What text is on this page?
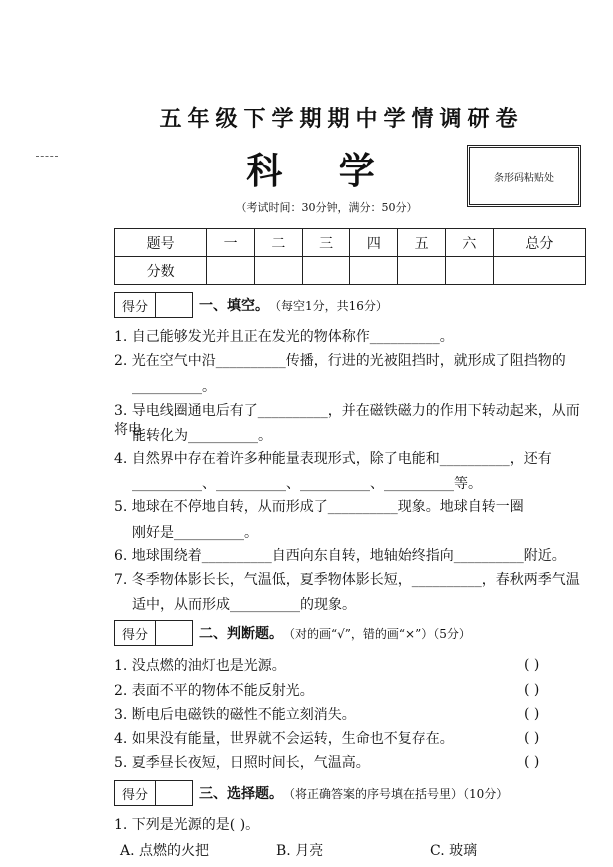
五年级下学期期中学情调研卷
科 学
（考试时间：30分钟，满分：50分）
条形码粘贴处
题号	一	二	三	四	五	六	总分
分数							
得分	一、填空。 （每空1分，共16分）
1. 自己能够发光并且正在发光的物体称作__________。
2. 光在空气中沿__________传播，行进的光被阻挡时，就形成了阻挡物的
__________。
3. 导电线圈通电后有了__________，并在磁铁磁力的作用下转动起来，从而将电
能转化为__________。
4. 自然界中存在着许多种能量表现形式，除了电能和__________，还有
__________、__________、__________、__________等。
5. 地球在不停地自转，从而形成了__________现象。地球自转一圈
刚好是__________。
6. 地球围绕着__________自西向东自转，地轴始终指向__________附近。
7. 冬季物体影长长，气温低，夏季物体影长短，__________，春秋两季气温
适中，从而形成__________的现象。
得分	二、判断题。 （对的画“√”，错的画“×”）（5分）
1. 没点燃的油灯也是光源。	( )
2. 表面不平的物体不能反射光。	( )
3. 断电后电磁铁的磁性不能立刻消失。	( )
4. 如果没有能量，世界就不会运转，生命也不复存在。	( )
5. 夏季昼长夜短，日照时间长，气温高。	( )
得分	三、选择题。 （将正确答案的序号填在括号里）（10分）
1. 下列是光源的是( )。
A. 点燃的火把	B. 月亮	C. 玻璃
